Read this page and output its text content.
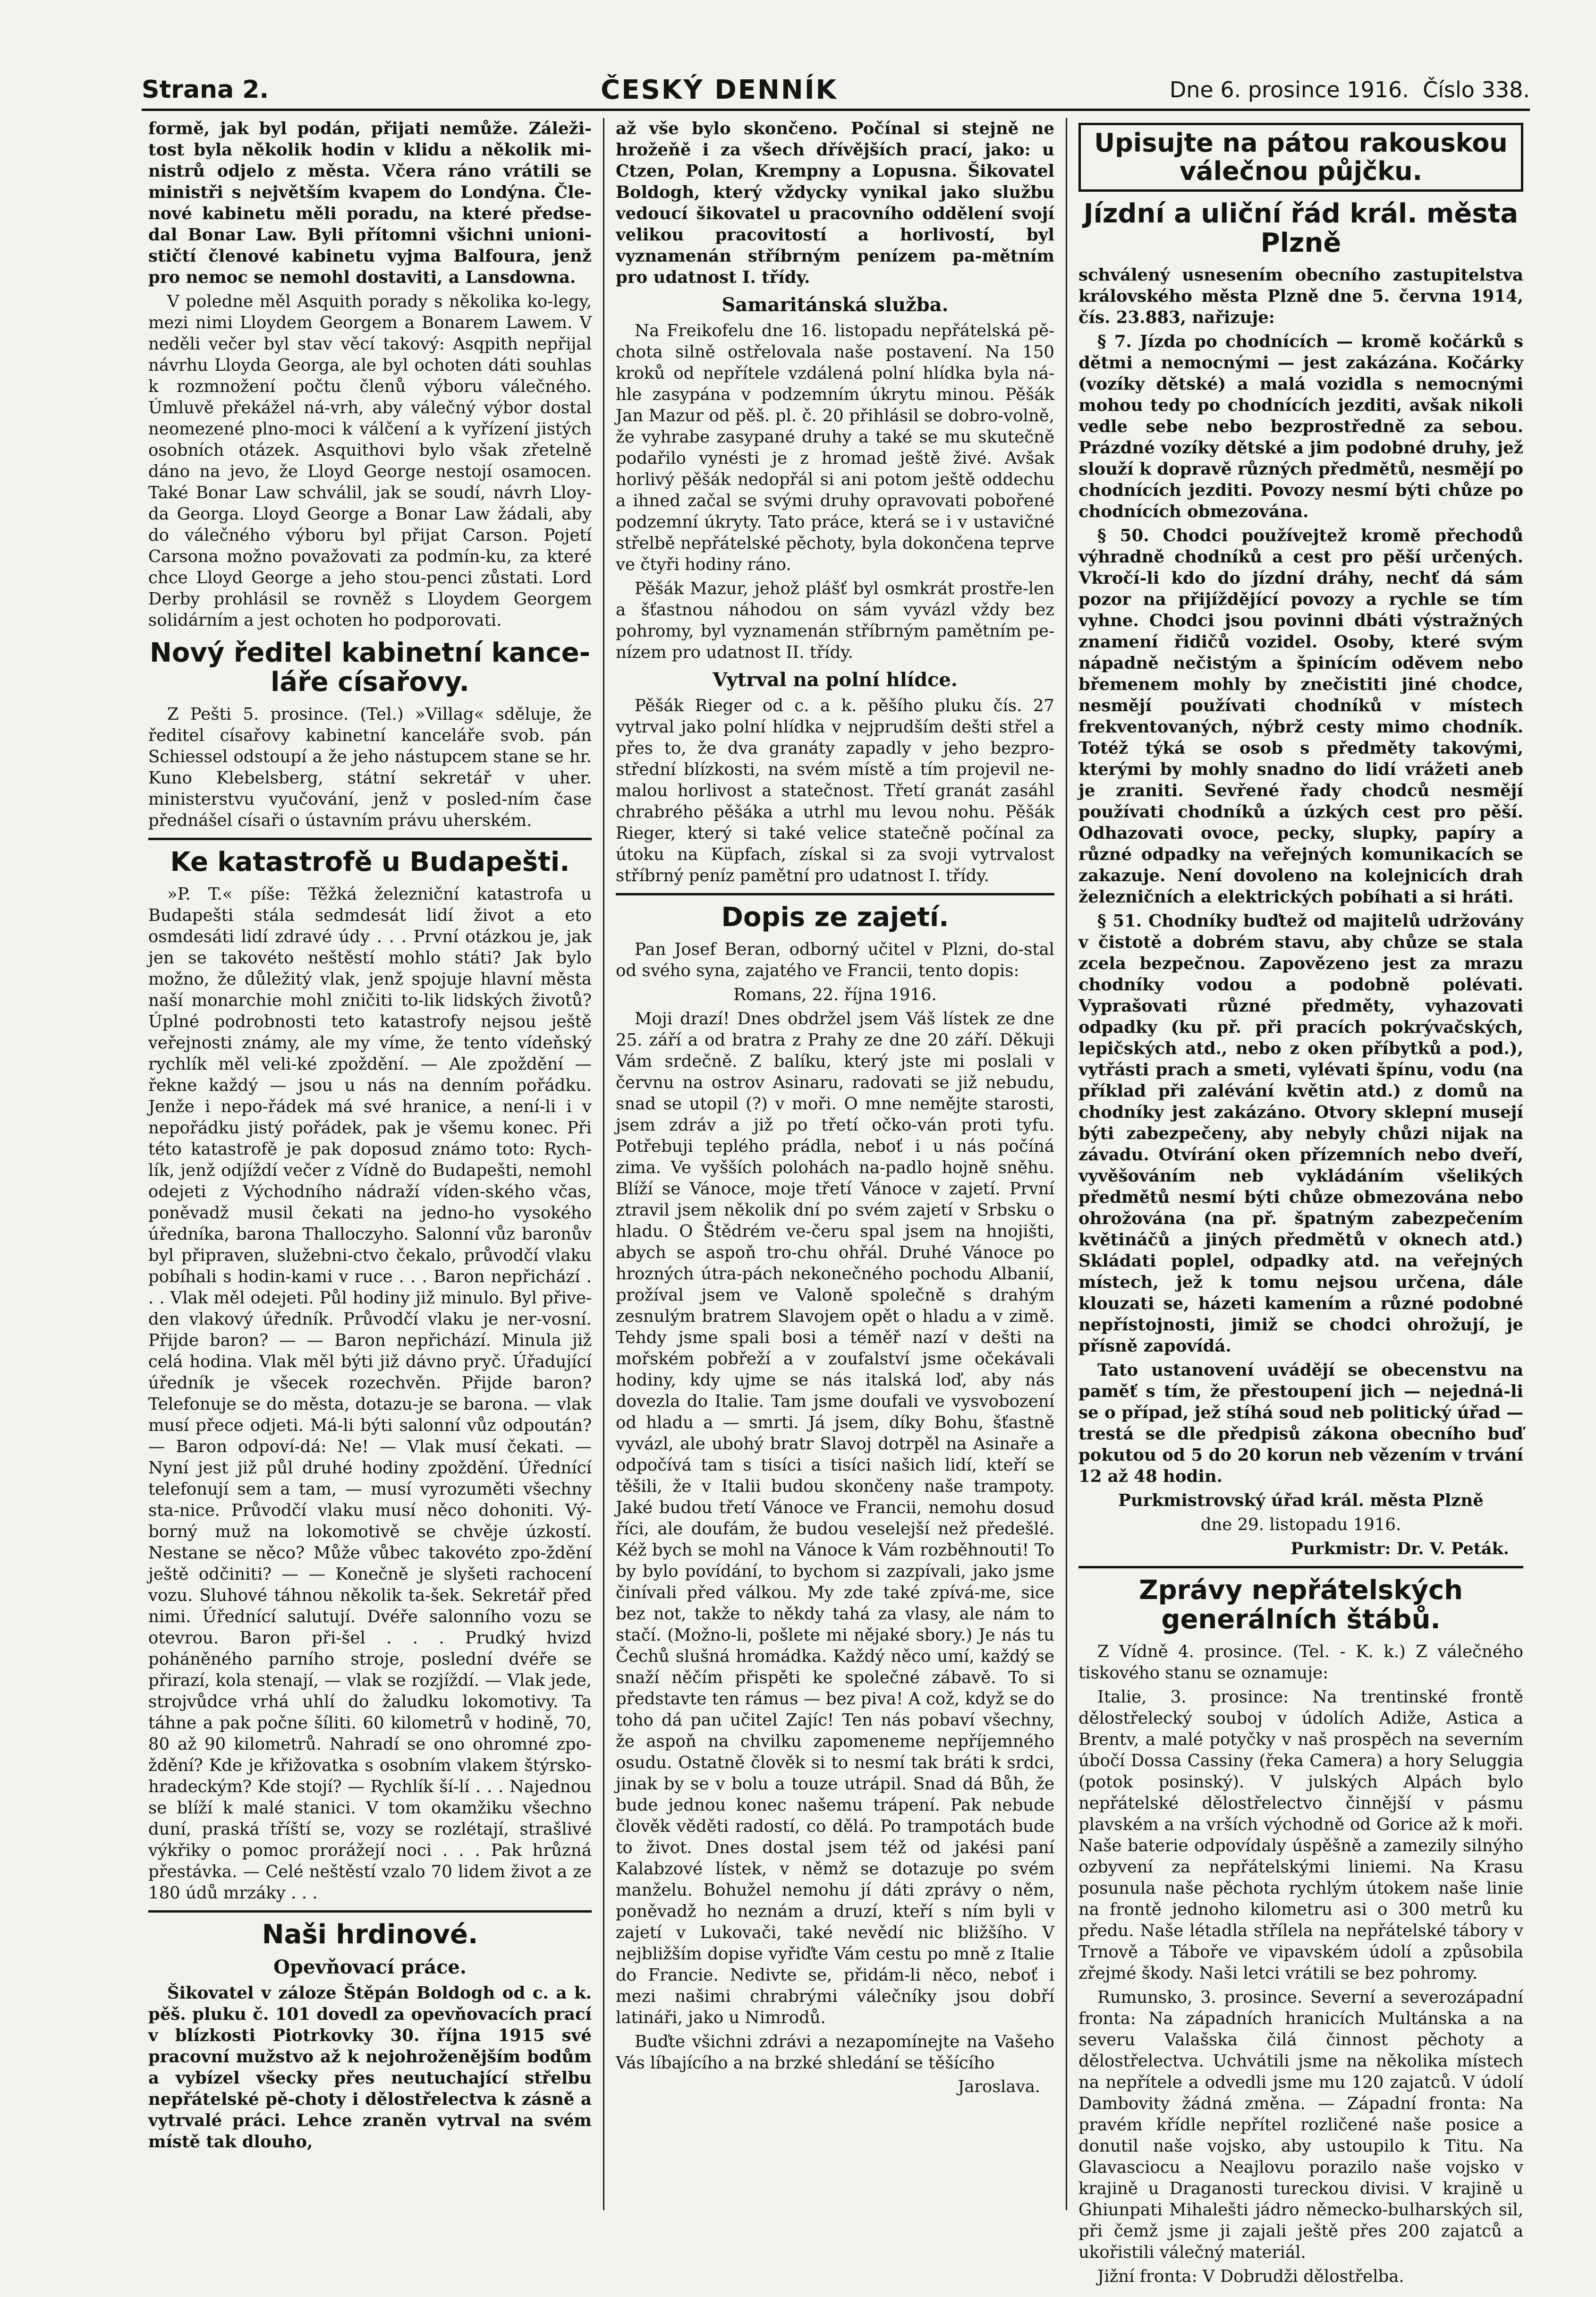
Strana 2.	ČESKÝ DENNÍK	Dne 6. prosince 1916. Číslo 338.

formě, jak byl podán, přijati nemůže. Záleži-tost byla několik hodin v klidu a několik mi-nistrů odjelo z města. Včera ráno vrátili se ministři s největším kvapem do Londýna. Čle-nové kabinetu měli poradu, na které předse-dal Bonar Law. Byli přítomni všichni unioni-stičtí členové kabinetu vyjma Balfoura, jenž pro nemoc se nemohl dostaviti, a Lansdowna.

V poledne měl Asquith porady s několika ko-legy, mezi nimi Lloydem Georgem a Bonarem Lawem. V neděli večer byl stav věcí takový: Asqpith nepřijal návrhu Lloyda Georga, ale byl ochoten dáti souhlas k rozmnožení počtu členů výboru válečného. Úmluvě překážel ná-vrh, aby válečný výbor dostal neomezené plno-moci k válčení a k vyřízení jistých osobních otázek. Asquithovi bylo však zřetelně dáno na jevo, že Lloyd George nestojí osamocen. Také Bonar Law schválil, jak se soudí, návrh Lloy-da Georga. Lloyd George a Bonar Law žádali, aby do válečného výboru byl přijat Carson. Pojetí Carsona možno považovati za podmín-ku, za které chce Lloyd George a jeho stou-penci zůstati. Lord Derby prohlásil se rovněž s Lloydem Georgem solidárním a jest ochoten ho podporovati.

Nový ředitel kabinetní kance-láře císařovy.

Z Pešti 5. prosince. (Tel.) »Villag« sděluje, že ředitel císařovy kabinetní kanceláře svob. pán Schiessel odstoupí a že jeho nástupcem stane se hr. Kuno Klebelsberg, státní sekretář v uher. ministerstvu vyučování, jenž v posled-ním čase přednášel císaři o ústavním právu uherském.

Ke katastrofě u Budapešti.

»P. T.« píše: Těžká železniční katastrofa u Budapešti stála sedmdesát lidí život a eto osmdesáti lidí zdravé údy . . . První otázkou je, jak jen se takovéto neštěstí mohlo státi? Jak bylo možno, že důležitý vlak, jenž spojuje hlavní města naší monarchie mohl zničiti to-lik lidských životů? Úplné podrobnosti teto katastrofy nejsou ještě veřejnosti známy, ale my víme, že tento vídeňský rychlík měl veli-ké zpoždění. — Ale zpoždění — řekne každý — jsou u nás na denním pořádku. Jenže i nepo-řádek má své hranice, a není-li i v nepořádku jistý pořádek, pak je všemu konec. Při této katastrofě je pak doposud známo toto: Rych-lík, jenž odjíždí večer z Vídně do Budapešti, nemohl odejeti z Východního nádraží víden-ského včas, poněvadž musil čekati na jedno-ho vysokého úředníka, barona Thalloczyho. Salonní vůz baronův byl připraven, služebni-ctvo čekalo, průvodčí vlaku pobíhali s hodin-kami v ruce . . . Baron nepřichází . . . Vlak měl odejeti. Půl hodiny již minulo. Byl přive-den vlakový úředník. Průvodčí vlaku je ner-vosní. Přijde baron? — — Baron nepřichází. Minula již celá hodina. Vlak měl býti již dávno pryč. Úřadující úředník je všecek rozechvěn. Přijde baron? Telefonuje se do města, dotazu-je se barona. — vlak musí přece odjeti. Má-li býti salonní vůz odpoután? — Baron odpoví-dá: Ne! — Vlak musí čekati. — Nyní jest již půl druhé hodiny zpoždění. Úřednící telefonují sem a tam, — musí vyrozuměti všechny sta-nice. Průvodčí vlaku musí něco dohoniti. Vý-borný muž na lokomotivě se chvěje úzkostí. Nestane se něco? Může vůbec takovéto zpo-ždění ještě odčiniti? — — Konečně je slyšeti rachocení vozu. Sluhové táhnou několik ta-šek. Sekretář před nimi. Úřednící salutují. Dvéře salonního vozu se otevrou. Baron při-šel . . . Prudký hvizd poháněného parního stroje, poslední dvéře se přirazí, kola stenají, — vlak se rozjíždí. — Vlak jede, strojvůdce vrhá uhlí do žaludku lokomotivy. Ta táhne a pak počne šíliti. 60 kilometrů v hodině, 70, 80 až 90 kilometrů. Nahradí se ono ohromné zpo-ždění? Kde je křižovatka s osobním vlakem štýrsko-hradeckým? Kde stojí? — Rychlík ší-lí . . . Najednou se blíží k malé stanici. V tom okamžiku všechno duní, praská tříští se, vozy se rozlétají, strašlivé výkřiky o pomoc prorážejí noci . . . Pak hrůzná přestávka. — Celé neštěstí vzalo 70 lidem život a ze 180 údů mrzáky . . .

Naši hrdinové.
Opevňovací práce.

Šikovatel v záloze Štěpán Boldogh od c. a k. pěš. pluku č. 101 dovedl za opevňovacích prací v blízkosti Piotrkovky 30. října 1915 své pracovní mužstvo až k nejohroženějším bodům a vybízel všecky přes neutuchající střelbu nepřátelské pě-choty i dělostřelectva k zásně a vytrvalé práci. Lehce zraněn vytrval na svém místě tak dlouho,

až vše bylo skončeno. Počínal si stejně ne hrožeňě i za všech dřívějších prací, jako: u Ctzen, Polan, Krempny a Lopusna. Šikovatel Boldogh, který vždycky vynikal jako službu vedoucí šikovatel u pracovního oddělení svojí velikou pracovitostí a horlivostí, byl vyznamenán stříbrným penízem pa-mětním pro udatnost I. třídy.

Samaritánská služba.

Na Freikofelu dne 16. listopadu nepřátelská pě-chota silně ostřelovala naše postavení. Na 150 kroků od nepřítele vzdálená polní hlídka byla ná-hle zasypána v podzemním úkrytu minou. Pěšák Jan Mazur od pěš. pl. č. 20 přihlásil se dobro-volně, že vyhrabe zasypané druhy a také se mu skutečně podařilo vynésti je z hromad ještě živé. Avšak horlivý pěšák nedopřál si ani potom ještě oddechu a ihned začal se svými druhy opravovati pobořené podzemní úkryty. Tato práce, která se i v ustavičné střelbě nepřátelské pěchoty, byla dokončena teprve ve čtyři hodiny ráno.

Pěšák Mazur, jehož plášť byl osmkrát prostře-len a šťastnou náhodou on sám vyvázl vždy bez pohromy, byl vyznamenán stříbrným pamětním pe-nízem pro udatnost II. třídy.

Vytrval na polní hlídce.

Pěšák Rieger od c. a k. pěšího pluku čís. 27 vytrval jako polní hlídka v nejprudším dešti střel a přes to, že dva granáty zapadly v jeho bezpro-střední blízkosti, na svém místě a tím projevil ne-malou horlivost a statečnost. Třetí granát zasáhl chrabrého pěšáka a utrhl mu levou nohu. Pěšák Rieger, který si také velice statečně počínal za útoku na Küpfach, získal si za svoji vytrvalost stříbrný peníz pamětní pro udatnost I. třídy.

Dopis ze zajetí.

Pan Josef Beran, odborný učitel v Plzni, do-stal od svého syna, zajatého ve Francii, tento dopis:

Romans, 22. října 1916.

Moji drazí! Dnes obdržel jsem Váš lístek ze dne 25. září a od bratra z Prahy ze dne 20 září. Děkuji Vám srdečně. Z balíku, který jste mi poslali v červnu na ostrov Asinaru, radovati se již nebudu, snad se utopil (?) v moři. O mne nemějte starosti, jsem zdráv a již po třetí očko-ván proti tyfu. Potřebuji teplého prádla, neboť i u nás počíná zima. Ve vyšších polohách na-padlo hojně sněhu. Blíží se Vánoce, moje třetí Vánoce v zajetí. První ztravil jsem několik dní po svém zajetí v Srbsku o hladu. O Štědrém ve-čeru spal jsem na hnojišti, abych se aspoň tro-chu ohřál. Druhé Vánoce po hrozných útra-pách nekonečného pochodu Albanií, prožíval jsem ve Valoně společně s drahým zesnulým bratrem Slavojem opět o hladu a v zimě. Tehdy jsme spali bosi a téměř nazí v dešti na mořském pobřeží a v zoufalství jsme očekávali hodiny, kdy ujme se nás italská loď, aby nás dovezla do Italie. Tam jsme doufali ve vysvobození od hladu a — smrti. Já jsem, díky Bohu, šťastně vyvázl, ale ubohý bratr Slavoj dotrpěl na Asinaře a odpočívá tam s tisíci a tisíci našich lidí, kteří se těšili, že v Italii budou skončeny naše trampoty. Jaké budou třetí Vánoce ve Francii, nemohu dosud říci, ale doufám, že budou veselejší než předešlé. Kéž bych se mohl na Vánoce k Vám rozběhnouti! To by bylo povídání, to bychom si zazpívali, jako jsme činívali před válkou. My zde také zpívá-me, sice bez not, takže to někdy tahá za vlasy, ale nám to stačí. (Možno-li, pošlete mi nějaké sbory.) Je nás tu Čechů slušná hromádka. Každý něco umí, každý se snaží něčím přispěti ke společné zábavě. To si představte ten rámus — bez piva! A což, když se do toho dá pan učitel Zajíc! Ten nás pobaví všechny, že aspoň na chvilku zapomeneme nepříjemného osudu. Ostatně člověk si to nesmí tak bráti k srdci, jinak by se v bolu a touze utrápil. Snad dá Bůh, že bude jednou konec našemu trápení. Pak nebude člověk věděti radostí, co dělá. Po trampotách bude to život. Dnes dostal jsem též od jakési paní Kalabzové lístek, v němž se dotazuje po svém manželu. Bohužel nemohu jí dáti zprávy o něm, poněvadž ho neznám a druzí, kteří s ním byli v zajetí v Lukovači, také nevědí nic bližšího. V nejbližším dopise vyřiďte Vám cestu po mně z Italie do Francie. Nedivte se, přidám-li něco, neboť i mezi našimi chrabrými válečníky jsou dobří latináři, jako u Nimrodů.

Buďte všichni zdrávi a nezapomínejte na Vašeho Vás líbajícího a na brzké shledání se těšícího

Jaroslava.
Upisujte na pátou rakouskou válečnou půjčku.
Jízdní a uliční řád král. města Plzně

schválený usnesením obecního zastupitelstva královského města Plzně dne 5. června 1914, čís. 23.883, nařizuje:

§ 7. Jízda po chodnících — kromě kočárků s dětmi a nemocnými — jest zakázána. Kočárky (vozíky dětské) a malá vozidla s nemocnými mohou tedy po chodnících jezditi, avšak nikoli vedle sebe nebo bezprostředně za sebou. Prázdné vozíky dětské a jim podobné druhy, jež slouží k dopravě různých předmětů, nesmějí po chodnících jezditi. Povozy nesmí býti chůze po chodnících obmezována.

§ 50. Chodci používejtež kromě přechodů výhradně chodníků a cest pro pěší určených. Vkročí-li kdo do jízdní dráhy, nechť dá sám pozor na přijíždějící povozy a rychle se tím vyhne. Chodci jsou povinni dbáti výstražných znamení řidičů vozidel. Osoby, které svým nápadně nečistým a špinícím oděvem nebo břemenem mohly by znečistiti jiné chodce, nesmějí používati chodníků v místech frekventovaných, nýbrž cesty mimo chodník. Totéž týká se osob s předměty takovými, kterými by mohly snadno do lidí vrážeti aneb je zraniti. Sevřené řady chodců nesmějí používati chodníků a úzkých cest pro pěší. Odhazovati ovoce, pecky, slupky, papíry a různé odpadky na veřejných komunikacích se zakazuje. Není dovoleno na kolejnicích drah železničních a elektrických pobíhati a si hráti.

§ 51. Chodníky buďtež od majitelů udržovány v čistotě a dobrém stavu, aby chůze se stala zcela bezpečnou. Zapovězeno jest za mrazu chodníky vodou a podobně polévati. Vyprašovati různé předměty, vyhazovati odpadky (ku př. při pracích pokrývačských, lepičských atd., nebo z oken příbytků a pod.), vytřásti prach a smeti, vylévati špínu, vodu (na příklad při zalévání květin atd.) z domů na chodníky jest zakázáno. Otvory sklepní musejí býti zabezpečeny, aby nebyly chůzi nijak na závadu. Otvírání oken přízemních nebo dveří, vyvěšováním neb vykládáním všelikých předmětů nesmí býti chůze obmezována nebo ohrožována (na př. špatným zabezpečením květináčů a jiných předmětů v oknech atd.) Skládati poplel, odpadky atd. na veřejných místech, jež k tomu nejsou určena, dále klouzati se, házeti kamením a různé podobné nepřístojnosti, jimiž se chodci ohrožují, je přísně zapovídá.

Tato ustanovení uvádějí se obecenstvu na paměť s tím, že přestoupení jich — nejedná-li se o případ, jež stíhá soud neb politický úřad — trestá se dle předpisů zákona obecního buď pokutou od 5 do 20 korun neb vězením v trvání 12 až 48 hodin.

Purkmistrovský úřad král. města Plzně

dne 29. listopadu 1916.

Purkmistr: Dr. V. Peták.
Zprávy nepřátelských generálních štábů.

Z Vídně 4. prosince. (Tel. - K. k.) Z válečného tiskového stanu se oznamuje:

Italie, 3. prosince: Na trentinské frontě dělostřelecký souboj v údolích Adiže, Astica a Brentv, a malé potyčky v naš prospěch na severním úbočí Dossa Cassiny (řeka Camera) a hory Seluggia (potok posinský). V julských Alpách bylo nepřátelské dělostřelectvo činnější v pásmu plavském a na vrších východně od Gorice až k moři. Naše baterie odpovídaly úspěšně a zamezily silnýho ozbyvení za nepřátelskými liniemi. Na Krasu posunula naše pěchota rychlým útokem naše linie na frontě jednoho kilometru asi o 300 metrů ku předu. Naše létadla střílela na nepřátelské tábory v Trnově a Táboře ve vipavském údolí a způsobila zřejmé škody. Naši letci vrátili se bez pohromy.

Rumunsko, 3. prosince. Severní a severozápadní fronta: Na západních hranicích Multánska a na severu Valašska čilá činnost pěchoty a dělostřelectva. Uchvátili jsme na několika místech na nepřítele a odvedli jsme mu 120 zajatců. V údolí Dambovity žádná změna. — Západní fronta: Na pravém křídle nepřítel rozličené naše posice a donutil naše vojsko, aby ustoupilo k Titu. Na Glavasciocu a Neajlovu porazilo naše vojsko v krajině u Draganosti tureckou divisi. V krajině u Ghiunpati Mihalešti jádro německo-bulharských sil, při čemž jsme ji zajali ještě přes 200 zajatců a ukořistili válečný materiál.

Jižní fronta: V Dobrudži dělostřelba.
